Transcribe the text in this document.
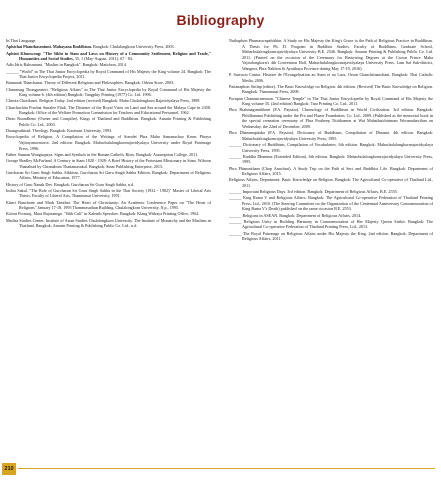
Bibliography
In Thai Language
Aphichai Phanthaseniuni. Mahayana Buddhism. Bangkok: Chulalongkorn University Press, 2003.
Aphisit Khunwong: "The Sikhs in Siam and Laws on History of a Community Settlement, Religion and Trade," Humanities and Social Studies, 35, 1 (May-August, 2011): 67 - 84.
Adis Idris Raksamani. "Muslim in Bangkok". Bangkok: Matichon, 2014.
______ "World" in The Thai Junior Encyclopedia by Royal Command of His Majesty the King volume 24. Bangkok: The Thai Junior Encyclopedia Project, 2011.
Bannarak Thanchanai. Theory of Different Religions and Philosophies. Bangkok: Odeon Store, 2003.
Chamnong Thongprasert. "Religious Affairs" in The Thai Junior Encyclopedia by Royal Command of His Majesty the King volume 6. (4th edition) Bangkok: Tangphiy Printing (1977) Co. Ltd. 1996.
Chirota Chotikaset. Religion Today. 2nd edition (revised) Bangkok: Maha Chulalongkorn Rajavidyalaya Press, 1989.
Chutchachita Prachat Sunalee Pitak. The Distance of the Royal Visits on Land and Sea around the Malaya Cape in 2458. Bangkok: Office of the Welfare Promotion Commission for Teachers and Educational Personnel, 1962.
Dirao Roondheno (Owner and Compiler). Kings of Thailand and Buddhism. Bangkok: Amarin Printing & Publishing Public Co. Ltd., 2003.
Duangsuthirad. Theology. Bangkok: Kasetsart University, 1993.
Encyclopedia of Religion, A Compilation of the Writings of Somdet Phra Maha Samanachao Krom Phraya Vajirayanavarorot. 2nd edition. Bangkok: Mahachulalongkornrajavidyalaya University under Royal Patronage Press, 1996.
Father Sunnan Wongsupaya. Signs and Symbols in the Roman Catholic Rites. Bangkok: Assumption College, 2011.
George Bradley McFarland. A Century in Siam 1828 - 1928: A Brief History of the Protestant Missionary in Siam. Wiboon Thanahsid by Chinnabom Thanamasakul. Bangkok: Sinar Publishing Enterprise, 2013.
Gurcharan Sri Guru Singh Sabha. Sikhism, Gurcharan Sri Guru Singh Sabha Edition. Bangkok: Department of Religious Affairs, Ministry of Education, 1977.
History of Guru Nanak Dev. Bangkok: Gurcharan Sri Guru Singh Sabha, n.d.
Indira Sakul. "The Role of Gurcharan Sri Guru Singh Sabha in the Thai Society (1932 - 1982)" Master of Liberal Arts Thesis, Faculty of Liberal Arts, Thammasat University, 1991.
Kitnri Bunchone and Mark Tamthai. The Heart of Christianity, An Academic Conference Paper on "The Heart of Religions" January 17-18, 1995 Thammasathan Building, Chulalongkorn University, N.p., 1995.
Kritrat Poonsuj, Mara Rajaranega. "Sikh Cult" in Kalenth Speeches. Bangkok: Klang Withaya Printing Office, 1962.
Madisa Studies Center, Institute of Asian Studies Chulalongkorn University. The Institute of Monarchy and the Muslims in Thailand. Bangkok: Amarin Printing & Publishing Public Co. Ltd., n.d.
Nuthaphon Phumaswapahithiur. A Study on His Majesty the King's Grace to the Path of Religious Practice in Buddhism. A Thesis for Ph. D. Program in Buddhist Studies, Faculty of Buddhism, Graduate School, Mahachulalongkornrajavidyalaya University B.E. 2546. Bangkok: Amarin Printing & Publishing Public Co. Ltd. 2011. (Printed on the occasion of the Ceremony for Bestowing Degrees at the Crown Prince Maha Vajiralongkorn's 4th Convention Hall, Mahachulalongkornrajavidyalaya University Press, Lam Sai Sub-district, Wangnoi, Phra Nakhon Si Ayutthaya Province during May 17-19, 2016).
P. Suriwon Cantor. Histoire de l'Evangelisation au Siam et au Laos, Orsan Chanchitnanchani, Bangkok: Thai Catholic Media, 2006.
Pattanaphon Sirilap (editor). The Basic Knowledge on Religion. 4th edition. (Revised) The Basic Knowledge on Religion. Bangkok: Thammasat Press, 2008.
Pornpan Chanomraenmon. "Chinese Temple" in The Thai Junior Encyclopedia by Royal Command of His Majesty the King volume 35. (2nd edition) Bangkok: Tara Printing Co. Ltd., 2011.
Phra Brahmagunabhorn (P.A. Payutto). Chronology of Buddhism in World Civilization. 3rd edition. Bangkok: Phlidhamma Publishing under the Pra and Flame Foundation, Co. Ltd., 2009. (Published as the memorial book in the special cremation ceremony of Phra Pratheep Tititikamon at Wat Mahathatchirinum Woramahavihan on Wednesday, the 22nd of December, 2009.
Phra Dhammapitaka (P.A. Payutto). Dictionary of Buddhism, Compilation of Dharma. 4th edition. Bangkok: Mahachulalongkornrajavidyalaya University Press, 1995.
______ Dictionary of Buddhism, Compilation of Vocabularies. 6th edition. Bangkok: Mahachulalongkornrajavidyalaya University Press, 1995.
______ Buddha Dhamma (Extended Edition). 6th edition. Bangkok: Mahachulalongkornrajavidyalaya University Press, 1995.
Phra Phimontham (Chop Anuchari). A Study Trip on the Path of Sect and Buddhist Life. Bangkok: Department of Religious Affairs, 2015.
Religious Affairs, Department. Basic Knowledge on Religion. Bangkok: The Agricultural Co-operative of Thailand Ltd., 2011.
______ Important Religious Days. 3rd edition. Bangkok: Department of Religious Affairs, B.E. 2555.
______ King Rama V and Religious Affairs. Bangkok: The Agricultural Co-operative Federation of Thailand Printing Press, Ltd., 2010. (The Steering Committee on the Organization of the Centennial Anniversary Commemoration of King Rama V's Death) published on the same occasion B.E. 2553.
______ Religions in ASEAN. Bangkok: Department of Religious Affairs, 2014.
______ Religious Unity in Building Harmony in Commemoration of Her Majesty Queen Sirikit. Bangkok: The Agricultural Co-operative Federation of Thailand Printing Press, Ltd., 2013.
______ The Royal Patronage on Religious Affairs under His Majesty the King. 2nd edition. Bangkok: Department of Religious Affairs, 2011.
210
